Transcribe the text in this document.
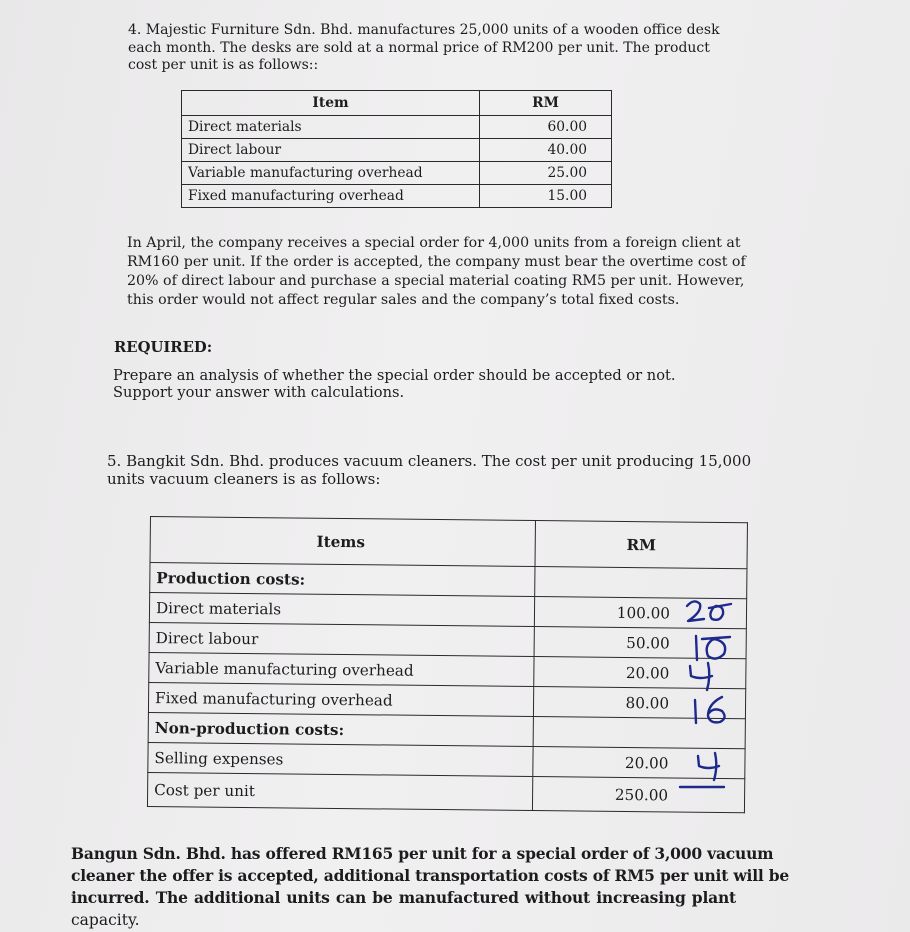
4. Majestic Furniture Sdn. Bhd. manufactures 25,000 units of a wooden office desk
each month. The desks are sold at a normal price of RM200 per unit. The product
cost per unit is as follows::
Item	RM
Direct materials	60.00
Direct labour	40.00
Variable manufacturing overhead	25.00
Fixed manufacturing overhead	15.00
In April, the company receives a special order for 4,000 units from a foreign client at
RM160 per unit. If the order is accepted, the company must bear the overtime cost of
20% of direct labour and purchase a special material coating RM5 per unit. However,
this order would not affect regular sales and the company’s total fixed costs.
REQUIRED:
Prepare an analysis of whether the special order should be accepted or not.
Support your answer with calculations.
5. Bangkit Sdn. Bhd. produces vacuum cleaners. The cost per unit producing 15,000
units vacuum cleaners is as follows:
Items	RM
Production costs:	
Direct materials	100.00
Direct labour	50.00
Variable manufacturing overhead	20.00
Fixed manufacturing overhead	80.00
Non-production costs:	
Selling expenses	20.00
Cost per unit	250.00
Bangun Sdn. Bhd. has offered RM165 per unit for a special order of 3,000 vacuum
cleaner the offer is accepted, additional transportation costs of RM5 per unit will be
incurred. The additional units can be manufactured without increasing plant
capacity.
